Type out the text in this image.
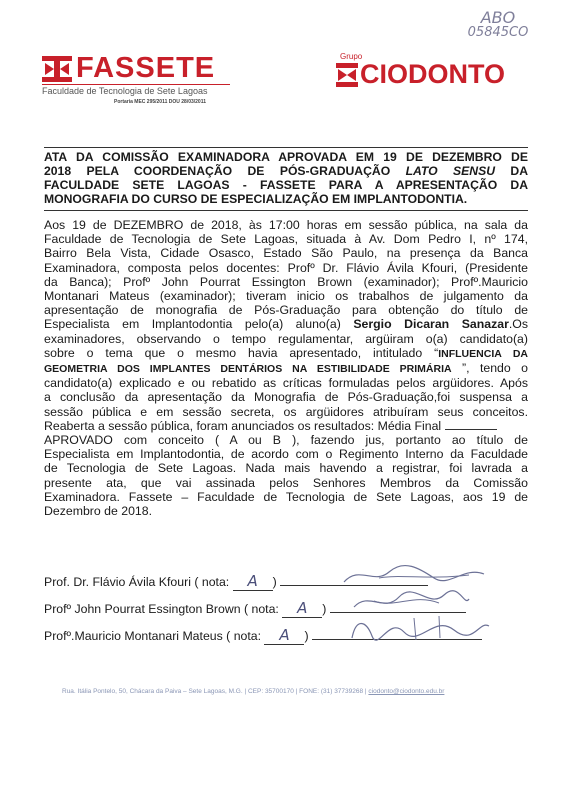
ABO
05845CO
FASSETE
Faculdade de Tecnologia de Sete Lagoas
Portaria MEC 295/2011 DOU 28/03/2011
Grupo
CIODONTO
ATA DA COMISSÃO EXAMINADORA APROVADA EM 19 DE DEZEMBRO DE
2018 PELA COORDENAÇÃO DE PÓS-GRADUAÇÃO LATO SENSU DA
FACULDADE SETE LAGOAS - FASSETE PARA A APRESENTAÇÃO DA
MONOGRAFIA DO CURSO DE ESPECIALIZAÇÃO EM IMPLANTODONTIA.
Aos 19 de DEZEMBRO de 2018, às 17:00 horas em sessão pública, na sala da
Faculdade de Tecnologia de Sete Lagoas, situada à Av. Dom Pedro I, nº 174,
Bairro Bela Vista, Cidade Osasco, Estado São Paulo, na presença da Banca
Examinadora, composta pelos docentes: Profº Dr. Flávio Ávila Kfouri, (Presidente
da Banca); Profº John Pourrat Essington Brown (examinador); Profº.Mauricio
Montanari Mateus (examinador); tiveram inicio os trabalhos de julgamento da
apresentação de monografia de Pós-Graduação para obtenção do título de
Especialista em Implantodontia pelo(a) aluno(a) Sergio Dicaran Sanazar.Os
examinadores, observando o tempo regulamentar, argüiram o(a) candidato(a)
sobre o tema que o mesmo havia apresentado, intitulado “INFLUENCIA DA
GEOMETRIA DOS IMPLANTES DENTÁRIOS NA ESTIBILIDADE PRIMÁRIA ”, tendo o
candidato(a) explicado e ou rebatido as críticas formuladas pelos argüidores. Após
a conclusão da apresentação da Monografia de Pós-Graduação,foi suspensa a
sessão pública e em sessão secreta, os argüidores atribuíram seus conceitos.
Reaberta a sessão pública, foram anunciados os resultados: Média Final
APROVADO com conceito ( A ou B ), fazendo jus, portanto ao título de
Especialista em Implantodontia, de acordo com o Regimento Interno da Faculdade
de Tecnologia de Sete Lagoas. Nada mais havendo a registrar, foi lavrada a
presente ata, que vai assinada pelos Senhores Membros da Comissão
Examinadora. Fassete – Faculdade de Tecnologia de Sete Lagoas, aos 19 de
Dezembro de 2018.
Prof. Dr. Flávio Ávila Kfouri ( nota: A )
Profº John Pourrat Essington Brown ( nota: A )
Profº.Mauricio Montanari Mateus ( nota: A )
Rua. Itália Pontelo, 50, Chácara da Paiva – Sete Lagoas, M.G. | CEP: 35700170 | FONE: (31) 37739268 | ciodonto@ciodonto.edu.br
